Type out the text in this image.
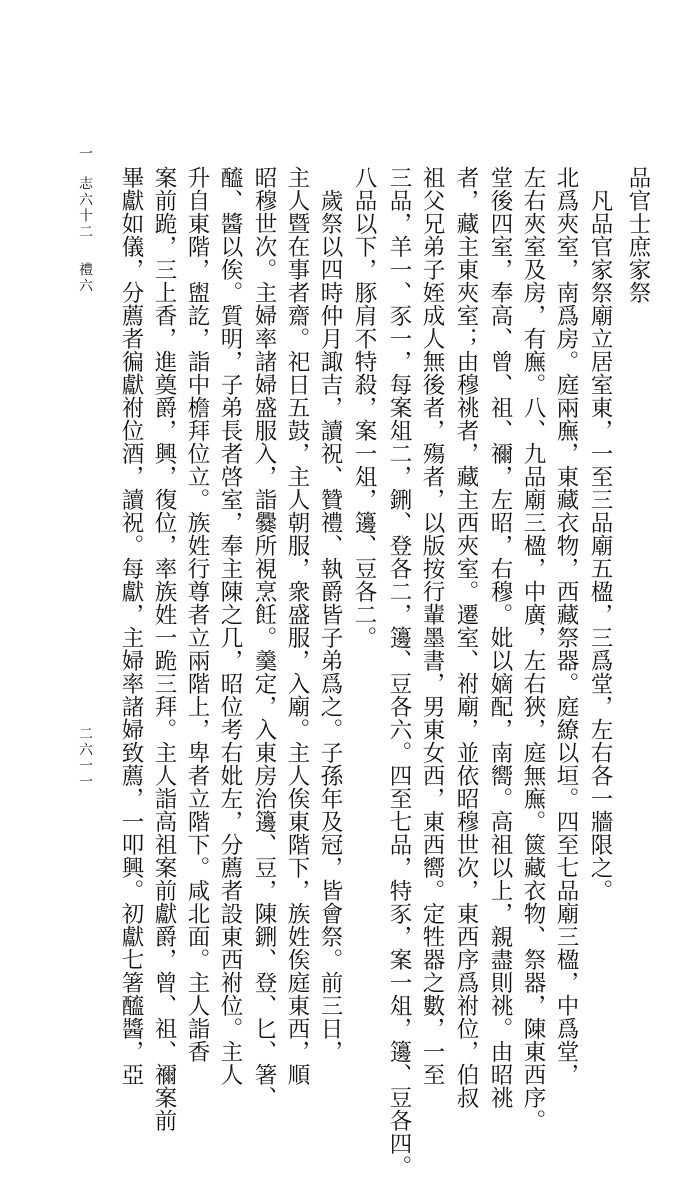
品官士庶家祭
　凡品官家祭廟立居室東，一至三品廟五楹，三爲堂，左右各一牆限之。
北爲夾室，南爲房。庭兩廡，東藏衣物，西藏祭器。庭繚以垣。四至七品廟三楹，中爲堂，
左右夾室及房，有廡。八、九品廟三楹，中廣，左右狹，庭無廡。篋藏衣物、祭器，陳東西序。
堂後四室，奉高、曾、祖、禰，左昭，右穆。妣以嫡配，南嚮。高祖以上，親盡則祧。由昭祧
者，藏主東夾室；由穆祧者，藏主西夾室。遷室、祔廟，並依昭穆世次，東西序爲祔位，伯叔
祖父兄弟子姪成人無後者，殤者，以版按行輩墨書，男東女西，東西嚮。定牲器之數，一至
三品，羊一、豕一，每案俎二，鉶、登各二，籩、豆各六。四至七品，特豕，案一俎，籩、豆各四。
八品以下，豚肩不特殺，案一俎，籩、豆各二。
　歲祭以四時仲月諏吉，讀祝、贊禮、執爵皆子弟爲之。子孫年及冠，皆會祭。前三日，
主人暨在事者齋。祀日五鼓，主人朝服，衆盛服，入廟。主人俟東階下，族姓俟庭東西，順
昭穆世次。主婦率諸婦盛服入，詣爨所視烹飪。羹定，入東房治籩、豆，陳鉶、登、匕、箸、
醯、醬以俟。質明，子弟長者啓室，奉主陳之几，昭位考右妣左，分薦者設東西祔位。主人
升自東階，盥訖，詣中檐拜位立。族姓行尊者立兩階上，卑者立階下。咸北面。主人詣香
案前跪，三上香，進奠爵，興，復位，率族姓一跪三拜。主人詣高祖案前獻爵，曾、祖、禰案前
畢獻如儀，分薦者徧獻祔位酒，讀祝。每獻，主婦率諸婦致薦，一叩興。初獻七箸醯醬，亞
一
志六十二
禮六
二六一一
